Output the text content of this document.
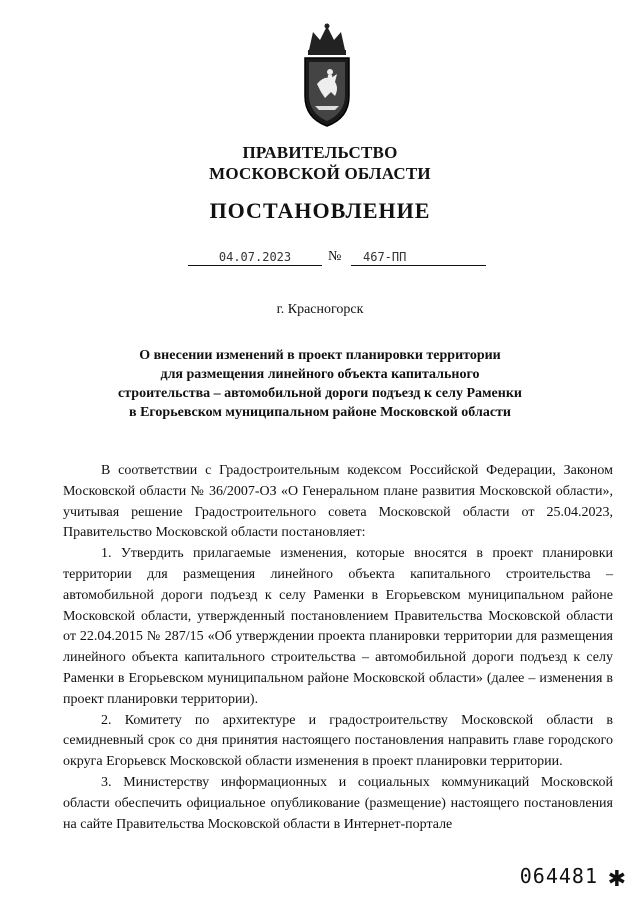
ПРАВИТЕЛЬСТВО
МОСКОВСКОЙ ОБЛАСТИ
ПОСТАНОВЛЕНИЕ
04.07.2023	№	467-ПП
г. Красногорск
О внесении изменений в проект планировки территории
для размещения линейного объекта капитального
строительства – автомобильной дороги подъезд к селу Раменки
в Егорьевском муниципальном районе Московской области

В соответствии с Градостроительным кодексом Российской Федерации, Законом Московской области № 36/2007-ОЗ «О Генеральном плане развития Московской области», учитывая решение Градостроительного совета Московской области от 25.04.2023, Правительство Московской области постановляет:

1. Утвердить прилагаемые изменения, которые вносятся в проект планировки территории для размещения линейного объекта капитального строительства – автомобильной дороги подъезд к селу Раменки в Егорьевском муниципальном районе Московской области, утвержденный постановлением Правительства Московской области от 22.04.2015 № 287/15 «Об утверждении проекта планировки территории для размещения линейного объекта капитального строительства – автомобильной дороги подъезд к селу Раменки в Егорьевском муниципальном районе Московской области» (далее – изменения в проект планировки территории).

2. Комитету по архитектуре и градостроительству Московской области в семидневный срок со дня принятия настоящего постановления направить главе городского округа Егорьевск Московской области изменения в проект планировки территории.

3. Министерству информационных и социальных коммуникаций Московской области обеспечить официальное опубликование (размещение) настоящего постановления на сайте Правительства Московской области в Интернет-портале

064481 ✱
